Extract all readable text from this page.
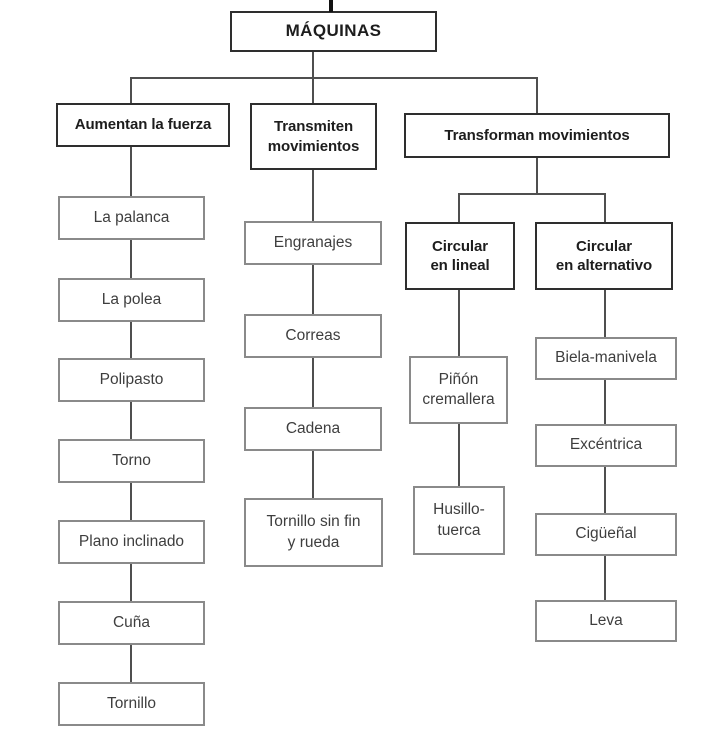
MÁQUINAS
Aumentan la fuerza
La palanca
La polea
Polipasto
Torno
Plano inclinado
Cuña
Tornillo
Transmiten
movimientos
Engranajes
Correas
Cadena
Tornillo sin fin
y rueda
Transforman movimientos
Circular
en lineal
Piñón
cremallera
Husillo-
tuerca
Circular
en alternativo
Biela-manivela
Excéntrica
Cigüeñal
Leva
